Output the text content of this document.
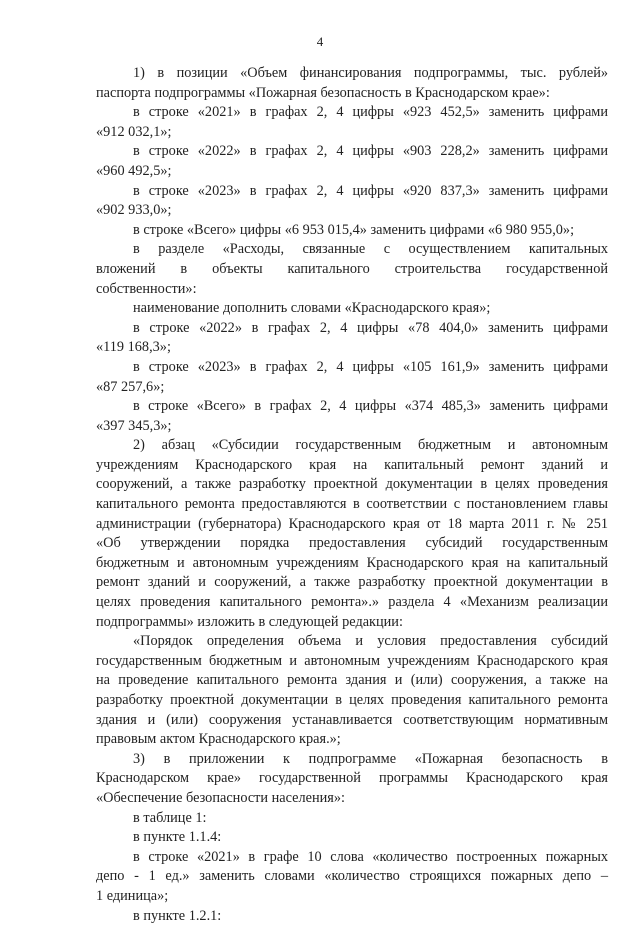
4
1) в позиции «Объем финансирования подпрограммы, тыс. рублей»
паспорта подпрограммы «Пожарная безопасность в Краснодарском крае»:
в строке «2021» в графах 2, 4 цифры «923 452,5» заменить цифрами
«912 032,1»;
в строке «2022» в графах 2, 4 цифры «903 228,2» заменить цифрами
«960 492,5»;
в строке «2023» в графах 2, 4 цифры «920 837,3» заменить цифрами
«902 933,0»;
в строке «Всего» цифры «6 953 015,4» заменить цифрами «6 980 955,0»;
в разделе «Расходы, связанные с осуществлением капитальных
вложений в объекты капитального строительства государственной
собственности»:
наименование дополнить словами «Краснодарского края»;
в строке «2022» в графах 2, 4 цифры «78 404,0» заменить цифрами
«119 168,3»;
в строке «2023» в графах 2, 4 цифры «105 161,9» заменить цифрами
«87 257,6»;
в строке «Всего» в графах 2, 4 цифры «374 485,3» заменить цифрами
«397 345,3»;
2) абзац «Субсидии государственным бюджетным и автономным
учреждениям Краснодарского края на капитальный ремонт зданий и
сооружений, а также разработку проектной документации в целях проведения
капитального ремонта предоставляются в соответствии с постановлением главы
администрации (губернатора) Краснодарского края от 18 марта 2011 г. № 251
«Об утверждении порядка предоставления субсидий государственным
бюджетным и автономным учреждениям Краснодарского края на капитальный
ремонт зданий и сооружений, а также разработку проектной документации в
целях проведения капитального ремонта».» раздела 4 «Механизм реализации
подпрограммы» изложить в следующей редакции:
«Порядок определения объема и условия предоставления субсидий
государственным бюджетным и автономным учреждениям Краснодарского края
на проведение капитального ремонта здания и (или) сооружения, а также на
разработку проектной документации в целях проведения капитального ремонта
здания и (или) сооружения устанавливается соответствующим нормативным
правовым актом Краснодарского края.»;
3) в приложении к подпрограмме «Пожарная безопасность в
Краснодарском крае» государственной программы Краснодарского края
«Обеспечение безопасности населения»:
в таблице 1:
в пункте 1.1.4:
в строке «2021» в графе 10 слова «количество построенных пожарных
депо - 1 ед.» заменить словами «количество строящихся пожарных депо –
1 единица»;
в пункте 1.2.1:
